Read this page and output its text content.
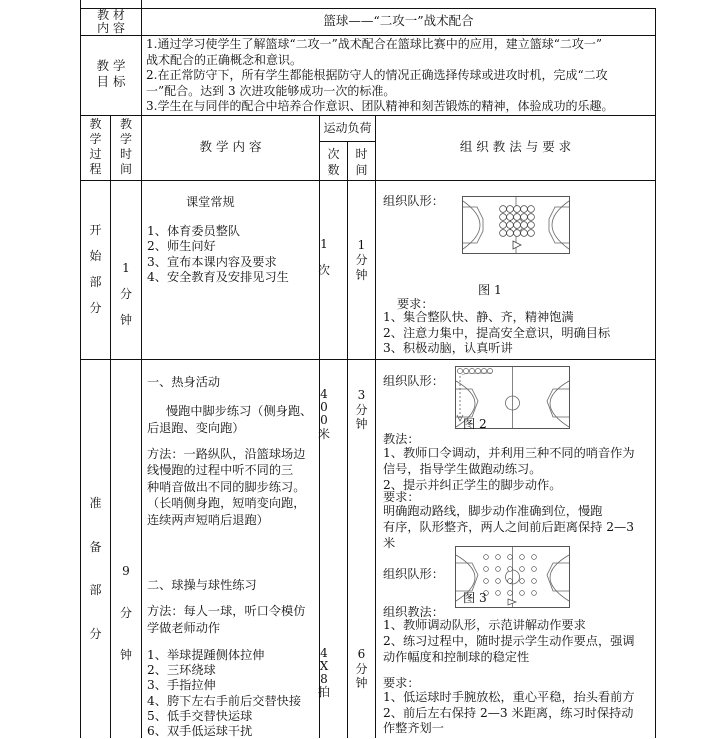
教 材
内 容	篮球——“二攻一”战术配合
教 学
目 标
1.通过学习使学生了解篮球“二攻一”战术配合在篮球比赛中的应用，建立篮球“二攻一”
战术配合的正确概念和意识。
2.在正常防守下，所有学生都能根据防守人的情况正确选择传球或进攻时机，完成“二攻
一”配合。达到 3 次进攻能够成功一次的标准。
3.学生在与同伴的配合中培养合作意识、团队精神和刻苦锻炼的精神，体验成功的乐趣。
教
学
过
程
教
学
时
间
教 学 内 容
运动负荷
次
数
时
间
组 织 教 法 与 要 求
开

始

部

分
1

分

钟
课堂常规
1、体育委员整队
2、师生问好
3、宣布本课内容及要求
4、安全教育及安排见习生
1

次
1
分
钟
组织队形：
图 1
要求：
1、集合整队快、静、齐，精神饱满
2、注意力集中，提高安全意识，明确目标
3、积极动脑，认真听讲
准

备

部

分
9

分

钟
一、热身活动
慢跑中脚步练习（侧身跑、
后退跑、变向跑）
方法：一路纵队，沿篮球场边
线慢跑的过程中听不同的三
种哨音做出不同的脚步练习。
（长哨侧身跑，短哨变向跑，
连续两声短哨后退跑）
4
0
0
米
3
分
钟
二、球操与球性练习
方法：每人一球，听口令模仿
学做老师动作
1、举球提踵侧体拉伸
2、三环绕球
3、手指拉伸
4、胯下左右手前后交替快接
5、低手交替快运球
6、双手低运球干扰
4
X
8
拍
6
分
钟
组织队形：
图 2
教法：
1、教师口令调动，并利用三种不同的哨音作为
信号，指导学生做跑动练习。
2、提示并纠正学生的脚步动作。
要求：
明确跑动路线，脚步动作准确到位，慢跑
有序，队形整齐，两人之间前后距离保持 2—3
米
组织队形：
图 3
组织教法：
1、教师调动队形，示范讲解动作要求
2、练习过程中，随时提示学生动作要点，强调
动作幅度和控制球的稳定性
要求：
1、低运球时手腕放松，重心平稳，抬头看前方
2、前后左右保持 2—3 米距离，练习时保持动
作整齐划一
